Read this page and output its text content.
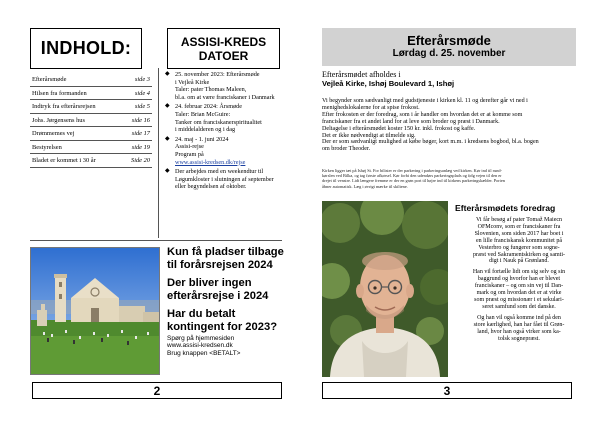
INDHOLD:	ASSISI-KREDS
DATOER
Efterårsmøde	side 3
Hilsen fra formanden	side 4
Indtryk fra efterårsrejsen	side 5
Johs. Jørgensens hus	side 16
Drømmemes vej	side 17
Bestyrelsen	side 19
Bladet er kommet i 30 år	Side 20
◆ 25. november 2023: Efterårsmøde
i Vejleå Kirke
Taler: pater Thomas Maleen,
bl.a. om at være franciskaner i Danmark
◆ 24. februar 2024: Årsmøde
Taler: Brian McGuire:
Tanker om franciskanerspiritualitet
i middelalderen og i dag
◆ 24. maj - 1. juni 2024
Assisi-rejse
Program på
www.assisi-kredsen.dk/rejse
◆ Der arbejdes med en weekendtur til
Løgumkloster i slutningen af september
eller begyndelsen af oktober.
Kun få pladser tilbage til forårsrejsen 2024
Der bliver ingen efterårsrejse i 2024
Har du betalt kontingent for 2023?
Spørg på hjemmesiden
www.assisi-kredsen.dk
Brug knappen <BETALT>
2
Efterårsmøde
Lørdag d. 25. november
Efterårsmødet afholdes i
Vejleå Kirke, Ishøj Boulevard 1, Ishøj
Vi begynder som sædvanligt med gudstjeneste i kirken kl. 11 og derefter går vi ned i
menighedslokalerne for at spise frokost.
Efter frokosten er der foredrag, som i år handler om hvordan det er at komme som
franciskaner fra et andet land for at leve som broder og præst i Danmark.
Deltagelse i efterårsmødet koster 150 kr. inkl. frokost og kaffe.
Det er ikke nødvendigt at tilmelde sig.
Der er som sædvanligt mulighed at købe bøger, kort m.m. i kredsens bogbod, bl.a. bogen
om broder Theoder.
Kirken ligger tæt på Ishøj St. For bilister er der parkering i parkeringsanlæg ved kirken. Kør ind til rund-
kørslen ved Bilka, og tag første afkørsel. Kør forbi den udendørs parkeringsplads og følg vejen til den er
drejet til venstre. Lidt længere fremme er der en grøn port til højre ind til kirkens parkeringskælder. Porten
åbner automatisk. Læg i øvrigt mærke til skiltene.
Efterårsmødets foredrag
Vi får besøg af pater Tomaž Maiecn
OFMconv, som er franciskaner fra
Slovenien, som siden 2017 har boet i
en lille franciskansk kommunitet på
Vesterbro og fungerer som sogne-
præst ved Sakramentskirken og samti-
digt i Nauk på Grønland.
Han vil fortælle lidt om sig selv og sin
baggrund og hvorfor han er blevet
franciskaner – og om sin vej til Dan-
mark og om hvordan det er at virke
som præst og missionær i et sekulari-
seret samfund som det danske.
Og han vil også komme ind på den
store kærlighed, han har fået til Grøn-
land, hvor han også virker som ka-
tolsk sognepræst.
3
